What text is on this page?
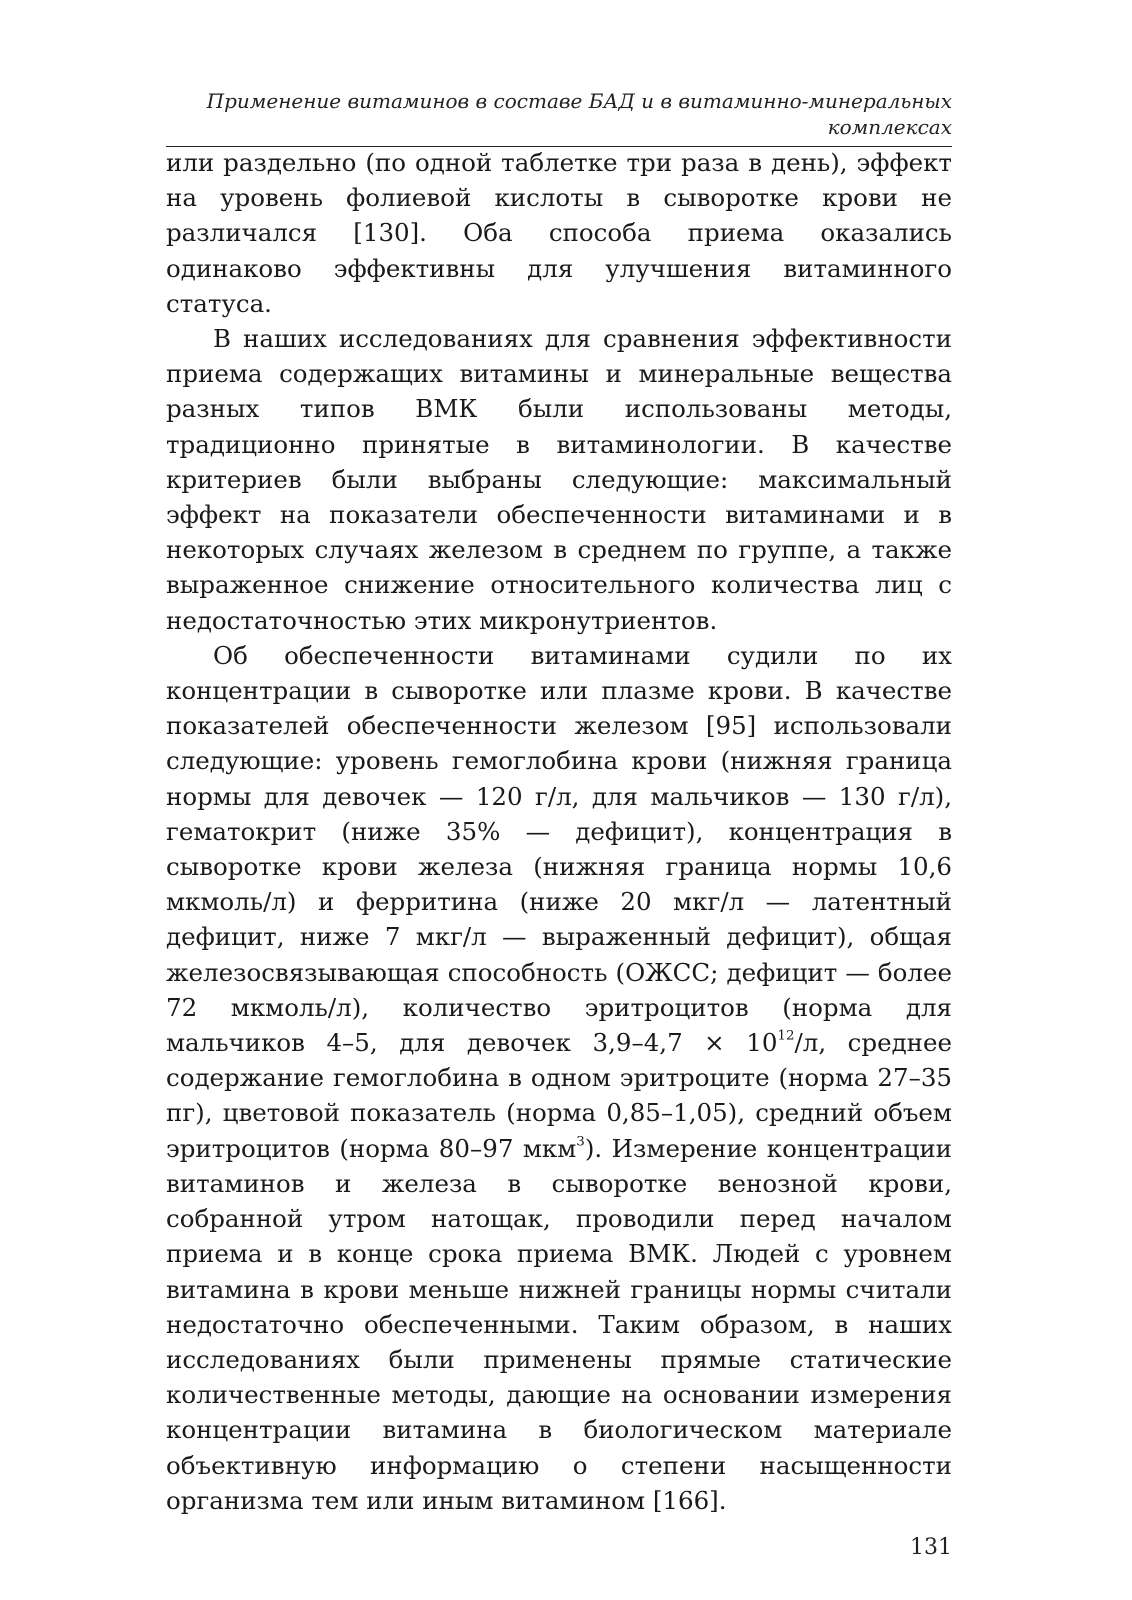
Применение витаминов в составе БАД и в витаминно-минеральных комплексах

или раздельно (по одной таблетке три раза в день), эффект на уровень фолиевой кислоты в сыворотке крови не различался [130]. Оба способа приема оказались одинаково эффективны для улучшения витаминного статуса.

В наших исследованиях для сравнения эффективности приема содержащих витамины и минеральные вещества разных типов ВМК были использованы методы, традиционно принятые в витаминологии. В качестве критериев были выбраны следующие: максимальный эффект на показатели обеспеченности витаминами и в некоторых случаях железом в среднем по группе, а также выраженное снижение относительного количества лиц с недостаточностью этих микронутриентов.

Об обеспеченности витаминами судили по их концентрации в сыворотке или плазме крови. В качестве показателей обеспеченности железом [95] использовали следующие: уровень гемоглобина крови (нижняя граница нормы для девочек — 120 г/л, для мальчиков — 130 г/л), гематокрит (ниже 35% — дефицит), концентрация в сыворотке крови железа (нижняя граница нормы 10,6 мкмоль/л) и ферритина (ниже 20 мкг/л — латентный дефицит, ниже 7 мкг/л — выраженный дефицит), общая железосвязывающая способность (ОЖСС; дефицит — более 72 мкмоль/л), количество эритроцитов (норма для мальчиков 4–5, для девочек $3,9-4,7 \times 10^{12}/л$, среднее содержание гемоглобина в одном эритроците (норма 27–35 пг), цветовой показатель (норма 0,85–1,05), средний объем эритроцитов (норма 80–97 мкм$^3$). Измерение концентрации витаминов и железа в сыворотке венозной крови, собранной утром натощак, проводили перед началом приема и в конце срока приема ВМК. Людей с уровнем витамина в крови меньше нижней границы нормы считали недостаточно обеспеченными. Таким образом, в наших исследованиях были применены прямые статические количественные методы, дающие на основании измерения концентрации витамина в биологическом материале объективную информацию о степени насыщенности организма тем или иным витамином [166].

131
